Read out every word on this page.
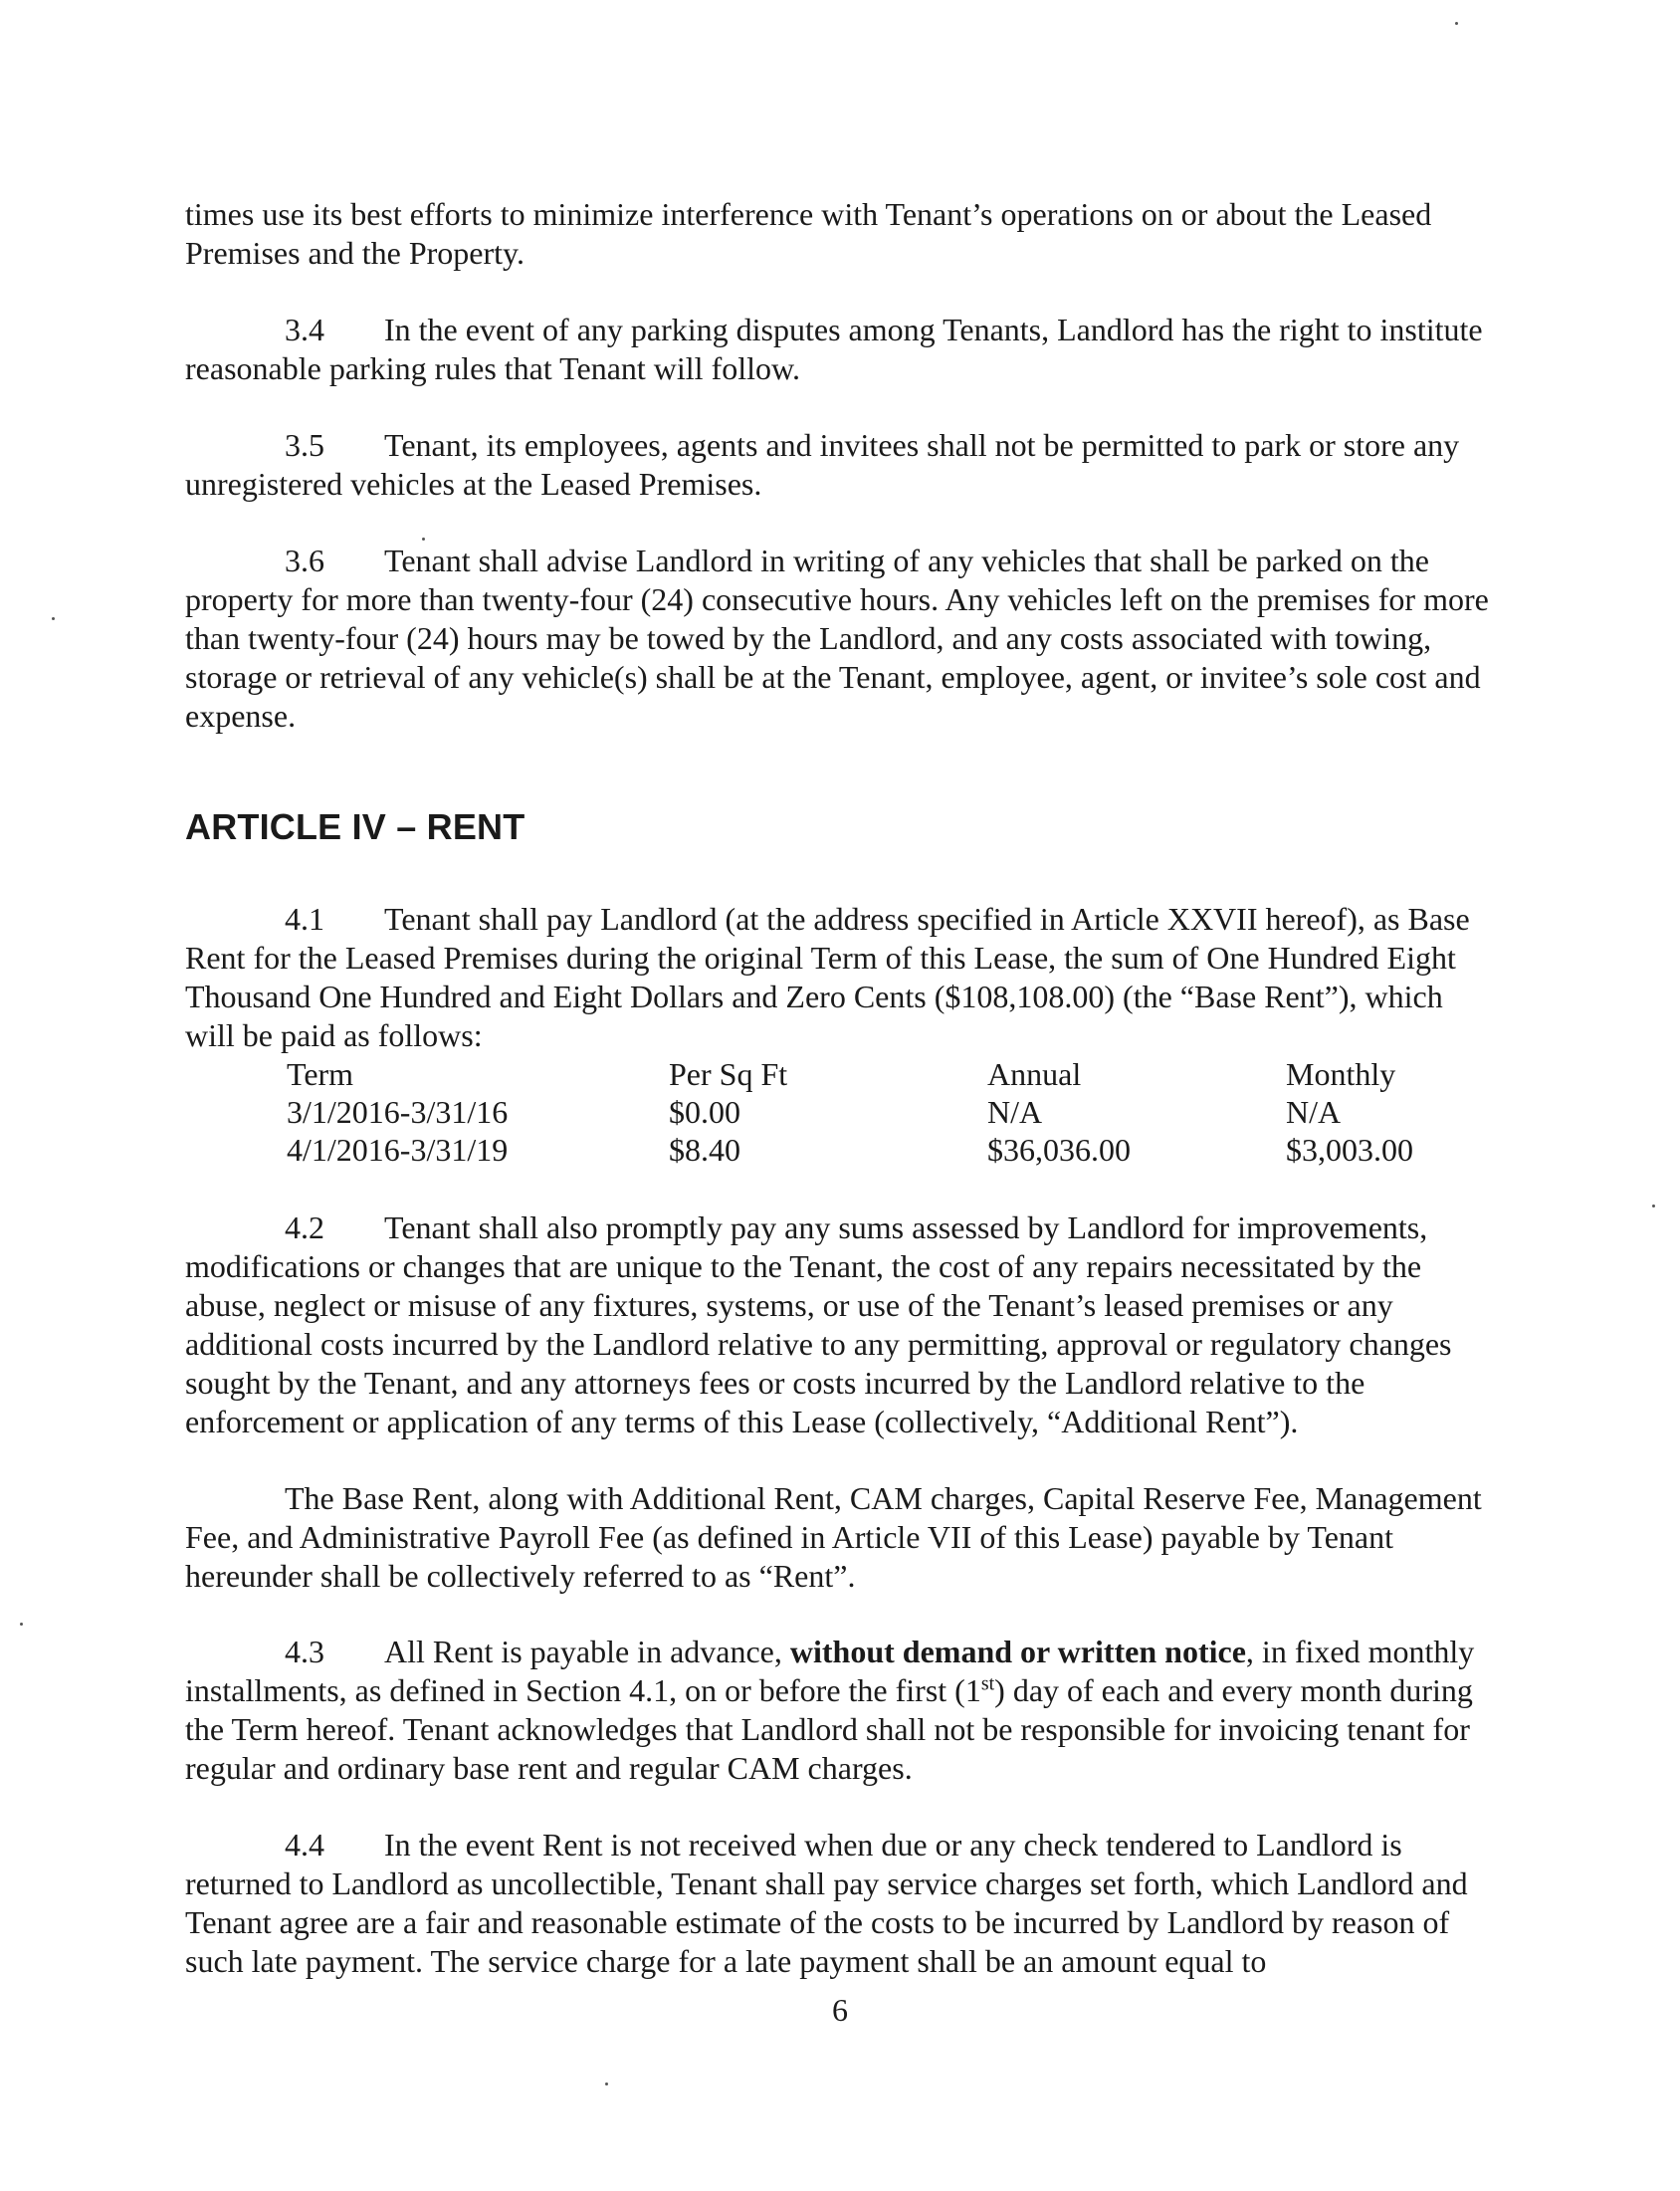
times use its best efforts to minimize interference with Tenant’s operations on or about the Leased Premises and the Property.

3.4 In the event of any parking disputes among Tenants, Landlord has the right to institute reasonable parking rules that Tenant will follow.

3.5 Tenant, its employees, agents and invitees shall not be permitted to park or store any unregistered vehicles at the Leased Premises.

3.6 Tenant shall advise Landlord in writing of any vehicles that shall be parked on the property for more than twenty-four (24) consecutive hours. Any vehicles left on the premises for more than twenty-four (24) hours may be towed by the Landlord, and any costs associated with towing, storage or retrieval of any vehicle(s) shall be at the Tenant, employee, agent, or invitee’s sole cost and expense.

ARTICLE IV – RENT

4.1 Tenant shall pay Landlord (at the address specified in Article XXVII hereof), as Base Rent for the Leased Premises during the original Term of this Lease, the sum of One Hundred Eight Thousand One Hundred and Eight Dollars and Zero Cents ($108,108.00) (the “Base Rent”), which will be paid as follows:

Term	Per Sq Ft	Annual	Monthly
3/1/2016-3/31/16	$0.00	N/A	N/A
4/1/2016-3/31/19	$8.40	$36,036.00	$3,003.00

4.2 Tenant shall also promptly pay any sums assessed by Landlord for improvements, modifications or changes that are unique to the Tenant, the cost of any repairs necessitated by the abuse, neglect or misuse of any fixtures, systems, or use of the Tenant’s leased premises or any additional costs incurred by the Landlord relative to any permitting, approval or regulatory changes sought by the Tenant, and any attorneys fees or costs incurred by the Landlord relative to the enforcement or application of any terms of this Lease (collectively, “Additional Rent”).

The Base Rent, along with Additional Rent, CAM charges, Capital Reserve Fee, Management Fee, and Administrative Payroll Fee (as defined in Article VII of this Lease) payable by Tenant hereunder shall be collectively referred to as “Rent”.

4.3 All Rent is payable in advance, without demand or written notice, in fixed monthly installments, as defined in Section 4.1, on or before the first (1st) day of each and every month during the Term hereof. Tenant acknowledges that Landlord shall not be responsible for invoicing tenant for regular and ordinary base rent and regular CAM charges.

4.4 In the event Rent is not received when due or any check tendered to Landlord is returned to Landlord as uncollectible, Tenant shall pay service charges set forth, which Landlord and Tenant agree are a fair and reasonable estimate of the costs to be incurred by Landlord by reason of such late payment. The service charge for a late payment shall be an amount equal to

6
